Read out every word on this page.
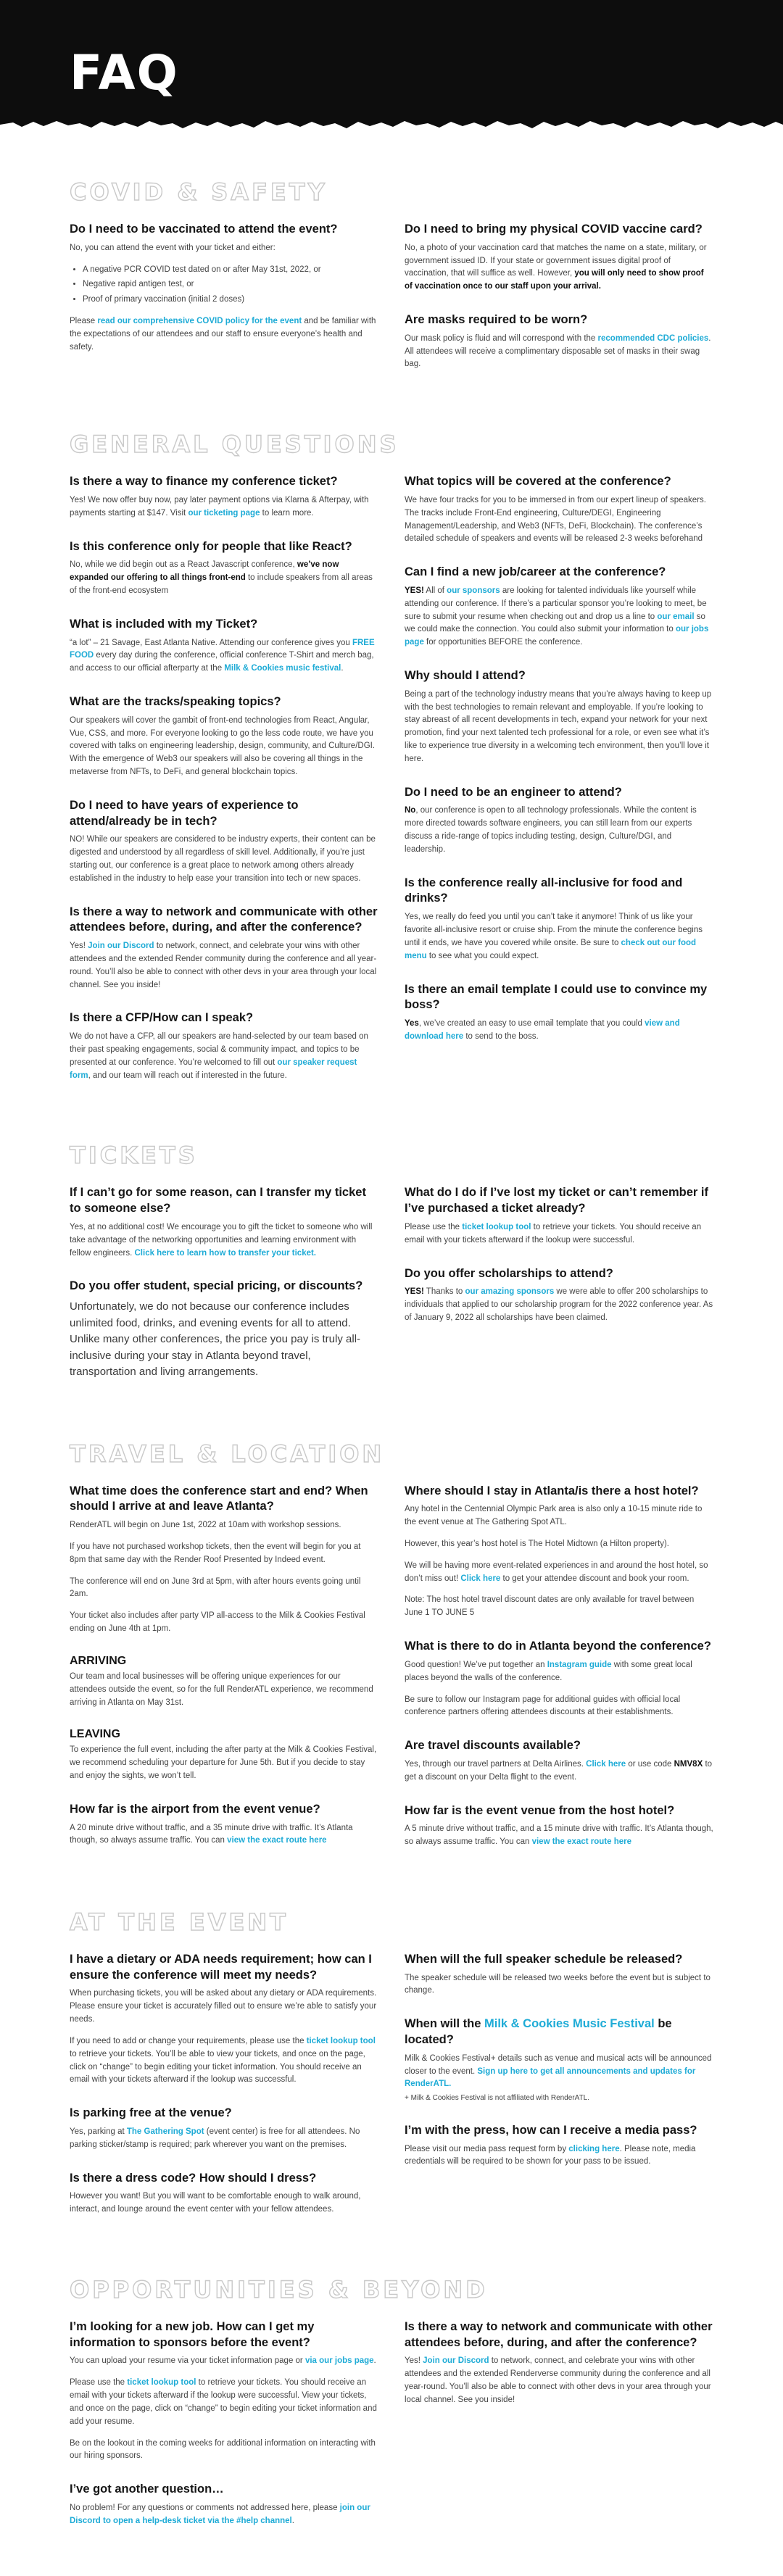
FAQ
COVID & SAFETY
Do I need to be vaccinated to attend the event?

No, you can attend the event with your ticket and either:

• A negative PCR COVID test dated on or after May 31st, 2022, or
• Negative rapid antigen test, or
• Proof of primary vaccination (initial 2 doses)

Please read our comprehensive COVID policy for the event and be familiar with the expectations of our attendees and our staff to ensure everyone’s health and safety.

Do I need to bring my physical COVID vaccine card?

No, a photo of your vaccination card that matches the name on a state, military, or government issued ID. If your state or government issues digital proof of vaccination, that will suffice as well. However, you will only need to show proof of vaccination once to our staff upon your arrival.

Are masks required to be worn?

Our mask policy is fluid and will correspond with the recommended CDC policies. All attendees will receive a complimentary disposable set of masks in their swag bag.

GENERAL QUESTIONS
Is there a way to finance my conference ticket?

Yes! We now offer buy now, pay later payment options via Klarna & Afterpay, with payments starting at $147. Visit our ticketing page to learn more.

Is this conference only for people that like React?

No, while we did begin out as a React Javascript conference, we’ve now expanded our offering to all things front-end to include speakers from all areas of the front-end ecosystem

What is included with my Ticket?

“a lot” – 21 Savage, East Atlanta Native. Attending our conference gives you FREE FOOD every day during the conference, official conference T-Shirt and merch bag, and access to our official afterparty at the Milk & Cookies music festival.

What are the tracks/speaking topics?

Our speakers will cover the gambit of front-end technologies from React, Angular, Vue, CSS, and more. For everyone looking to go the less code route, we have you covered with talks on engineering leadership, design, community, and Culture/DGI. With the emergence of Web3 our speakers will also be covering all things in the metaverse from NFTs, to DeFi, and general blockchain topics.

Do I need to have years of experience to attend/already be in tech?

NO! While our speakers are considered to be industry experts, their content can be digested and understood by all regardless of skill level. Additionally, if you’re just starting out, our conference is a great place to network among others already established in the industry to help ease your transition into tech or new spaces.

Is there a way to network and communicate with other attendees before, during, and after the conference?

Yes! Join our Discord to network, connect, and celebrate your wins with other attendees and the extended Render community during the conference and all year-round. You’ll also be able to connect with other devs in your area through your local channel. See you inside!

Is there a CFP/How can I speak?

We do not have a CFP, all our speakers are hand-selected by our team based on their past speaking engagements, social & community impact, and topics to be presented at our conference. You’re welcomed to fill out our speaker request form, and our team will reach out if interested in the future.

What topics will be covered at the conference?

We have four tracks for you to be immersed in from our expert lineup of speakers. The tracks include Front-End engineering, Culture/DEGI, Engineering Management/Leadership, and Web3 (NFTs, DeFi, Blockchain). The conference’s detailed schedule of speakers and events will be released 2-3 weeks beforehand

Can I find a new job/career at the conference?

YES! All of our sponsors are looking for talented individuals like yourself while attending our conference. If there’s a particular sponsor you’re looking to meet, be sure to submit your resume when checking out and drop us a line to our email so we could make the connection. You could also submit your information to our jobs page for opportunities BEFORE the conference.

Why should I attend?

Being a part of the technology industry means that you’re always having to keep up with the best technologies to remain relevant and employable. If you’re looking to stay abreast of all recent developments in tech, expand your network for your next promotion, find your next talented tech professional for a role, or even see what it’s like to experience true diversity in a welcoming tech environment, then you’ll love it here.

Do I need to be an engineer to attend?

No, our conference is open to all technology professionals. While the content is more directed towards software engineers, you can still learn from our experts discuss a ride-range of topics including testing, design, Culture/DGI, and leadership.

Is the conference really all-inclusive for food and drinks?

Yes, we really do feed you until you can’t take it anymore! Think of us like your favorite all-inclusive resort or cruise ship. From the minute the conference begins until it ends, we have you covered while onsite. Be sure to check out our food menu to see what you could expect.

Is there an email template I could use to convince my boss?

Yes, we’ve created an easy to use email template that you could view and download here to send to the boss.

TICKETS
If I can’t go for some reason, can I transfer my ticket to someone else?

Yes, at no additional cost! We encourage you to gift the ticket to someone who will take advantage of the networking opportunities and learning environment with fellow engineers. Click here to learn how to transfer your ticket.

Do you offer student, special pricing, or discounts?

Unfortunately, we do not because our conference includes unlimited food, drinks, and evening events for all to attend. Unlike many other conferences, the price you pay is truly all-inclusive during your stay in Atlanta beyond travel, transportation and living arrangements.

What do I do if I’ve lost my ticket or can’t remember if I’ve purchased a ticket already?

Please use the ticket lookup tool to retrieve your tickets. You should receive an email with your tickets afterward if the lookup were successful.

Do you offer scholarships to attend?

YES! Thanks to our amazing sponsors we were able to offer 200 scholarships to individuals that applied to our scholarship program for the 2022 conference year. As of January 9, 2022 all scholarships have been claimed.

TRAVEL & LOCATION
What time does the conference start and end? When should I arrive at and leave Atlanta?

RenderATL will begin on June 1st, 2022 at 10am with workshop sessions.

If you have not purchased workshop tickets, then the event will begin for you at 8pm that same day with the Render Roof Presented by Indeed event.

The conference will end on June 3rd at 5pm, with after hours events going until 2am.

Your ticket also includes after party VIP all-access to the Milk & Cookies Festival ending on June 4th at 1pm.

ARRIVING

Our team and local businesses will be offering unique experiences for our attendees outside the event, so for the full RenderATL experience, we recommend arriving in Atlanta on May 31st.

LEAVING

To experience the full event, including the after party at the Milk & Cookies Festival, we recommend scheduling your departure for June 5th. But if you decide to stay and enjoy the sights, we won’t tell.

How far is the airport from the event venue?

A 20 minute drive without traffic, and a 35 minute drive with traffic. It’s Atlanta though, so always assume traffic. You can view the exact route here

Where should I stay in Atlanta/is there a host hotel?

Any hotel in the Centennial Olympic Park area is also only a 10-15 minute ride to the event venue at The Gathering Spot ATL.

However, this year’s host hotel is The Hotel Midtown (a Hilton property).

We will be having more event-related experiences in and around the host hotel, so don’t miss out! Click here to get your attendee discount and book your room.

Note: The host hotel travel discount dates are only available for travel between June 1 TO JUNE 5

What is there to do in Atlanta beyond the conference?

Good question! We’ve put together an Instagram guide with some great local places beyond the walls of the conference.

Be sure to follow our Instagram page for additional guides with official local conference partners offering attendees discounts at their establishments.

Are travel discounts available?

Yes, through our travel partners at Delta Airlines. Click here or use code NMV8X to get a discount on your Delta flight to the event.

How far is the event venue from the host hotel?

A 5 minute drive without traffic, and a 15 minute drive with traffic. It’s Atlanta though, so always assume traffic. You can view the exact route here

AT THE EVENT
I have a dietary or ADA needs requirement; how can I ensure the conference will meet my needs?

When purchasing tickets, you will be asked about any dietary or ADA requirements. Please ensure your ticket is accurately filled out to ensure we’re able to satisfy your needs.

If you need to add or change your requirements, please use the ticket lookup tool to retrieve your tickets. You’ll be able to view your tickets, and once on the page, click on “change” to begin editing your ticket information. You should receive an email with your tickets afterward if the lookup was successful.

Is parking free at the venue?

Yes, parking at The Gathering Spot (event center) is free for all attendees. No parking sticker/stamp is required; park wherever you want on the premises.

Is there a dress code? How should I dress?

However you want! But you will want to be comfortable enough to walk around, interact, and lounge around the event center with your fellow attendees.

When will the full speaker schedule be released?

The speaker schedule will be released two weeks before the event but is subject to change.

When will the Milk & Cookies Music Festival be located?

Milk & Cookies Festival+ details such as venue and musical acts will be announced closer to the event. Sign up here to get all announcements and updates for RenderATL.

+ Milk & Cookies Festival is not affiliated with RenderATL.

I’m with the press, how can I receive a media pass?

Please visit our media pass request form by clicking here. Please note, media credentials will be required to be shown for your pass to be issued.

OPPORTUNITIES & BEYOND
I’m looking for a new job. How can I get my information to sponsors before the event?

You can upload your resume via your ticket information page or via our jobs page.

Please use the ticket lookup tool to retrieve your tickets. You should receive an email with your tickets afterward if the lookup were successful. View your tickets, and once on the page, click on “change” to begin editing your ticket information and add your resume.

Be on the lookout in the coming weeks for additional information on interacting with our hiring sponsors.

I’ve got another question…

No problem! For any questions or comments not addressed here, please join our Discord to open a help-desk ticket via the #help channel.

Is there a way to network and communicate with other attendees before, during, and after the conference?

Yes! Join our Discord to network, connect, and celebrate your wins with other attendees and the extended Renderverse community during the conference and all year-round. You’ll also be able to connect with other devs in your area through your local channel. See you inside!
